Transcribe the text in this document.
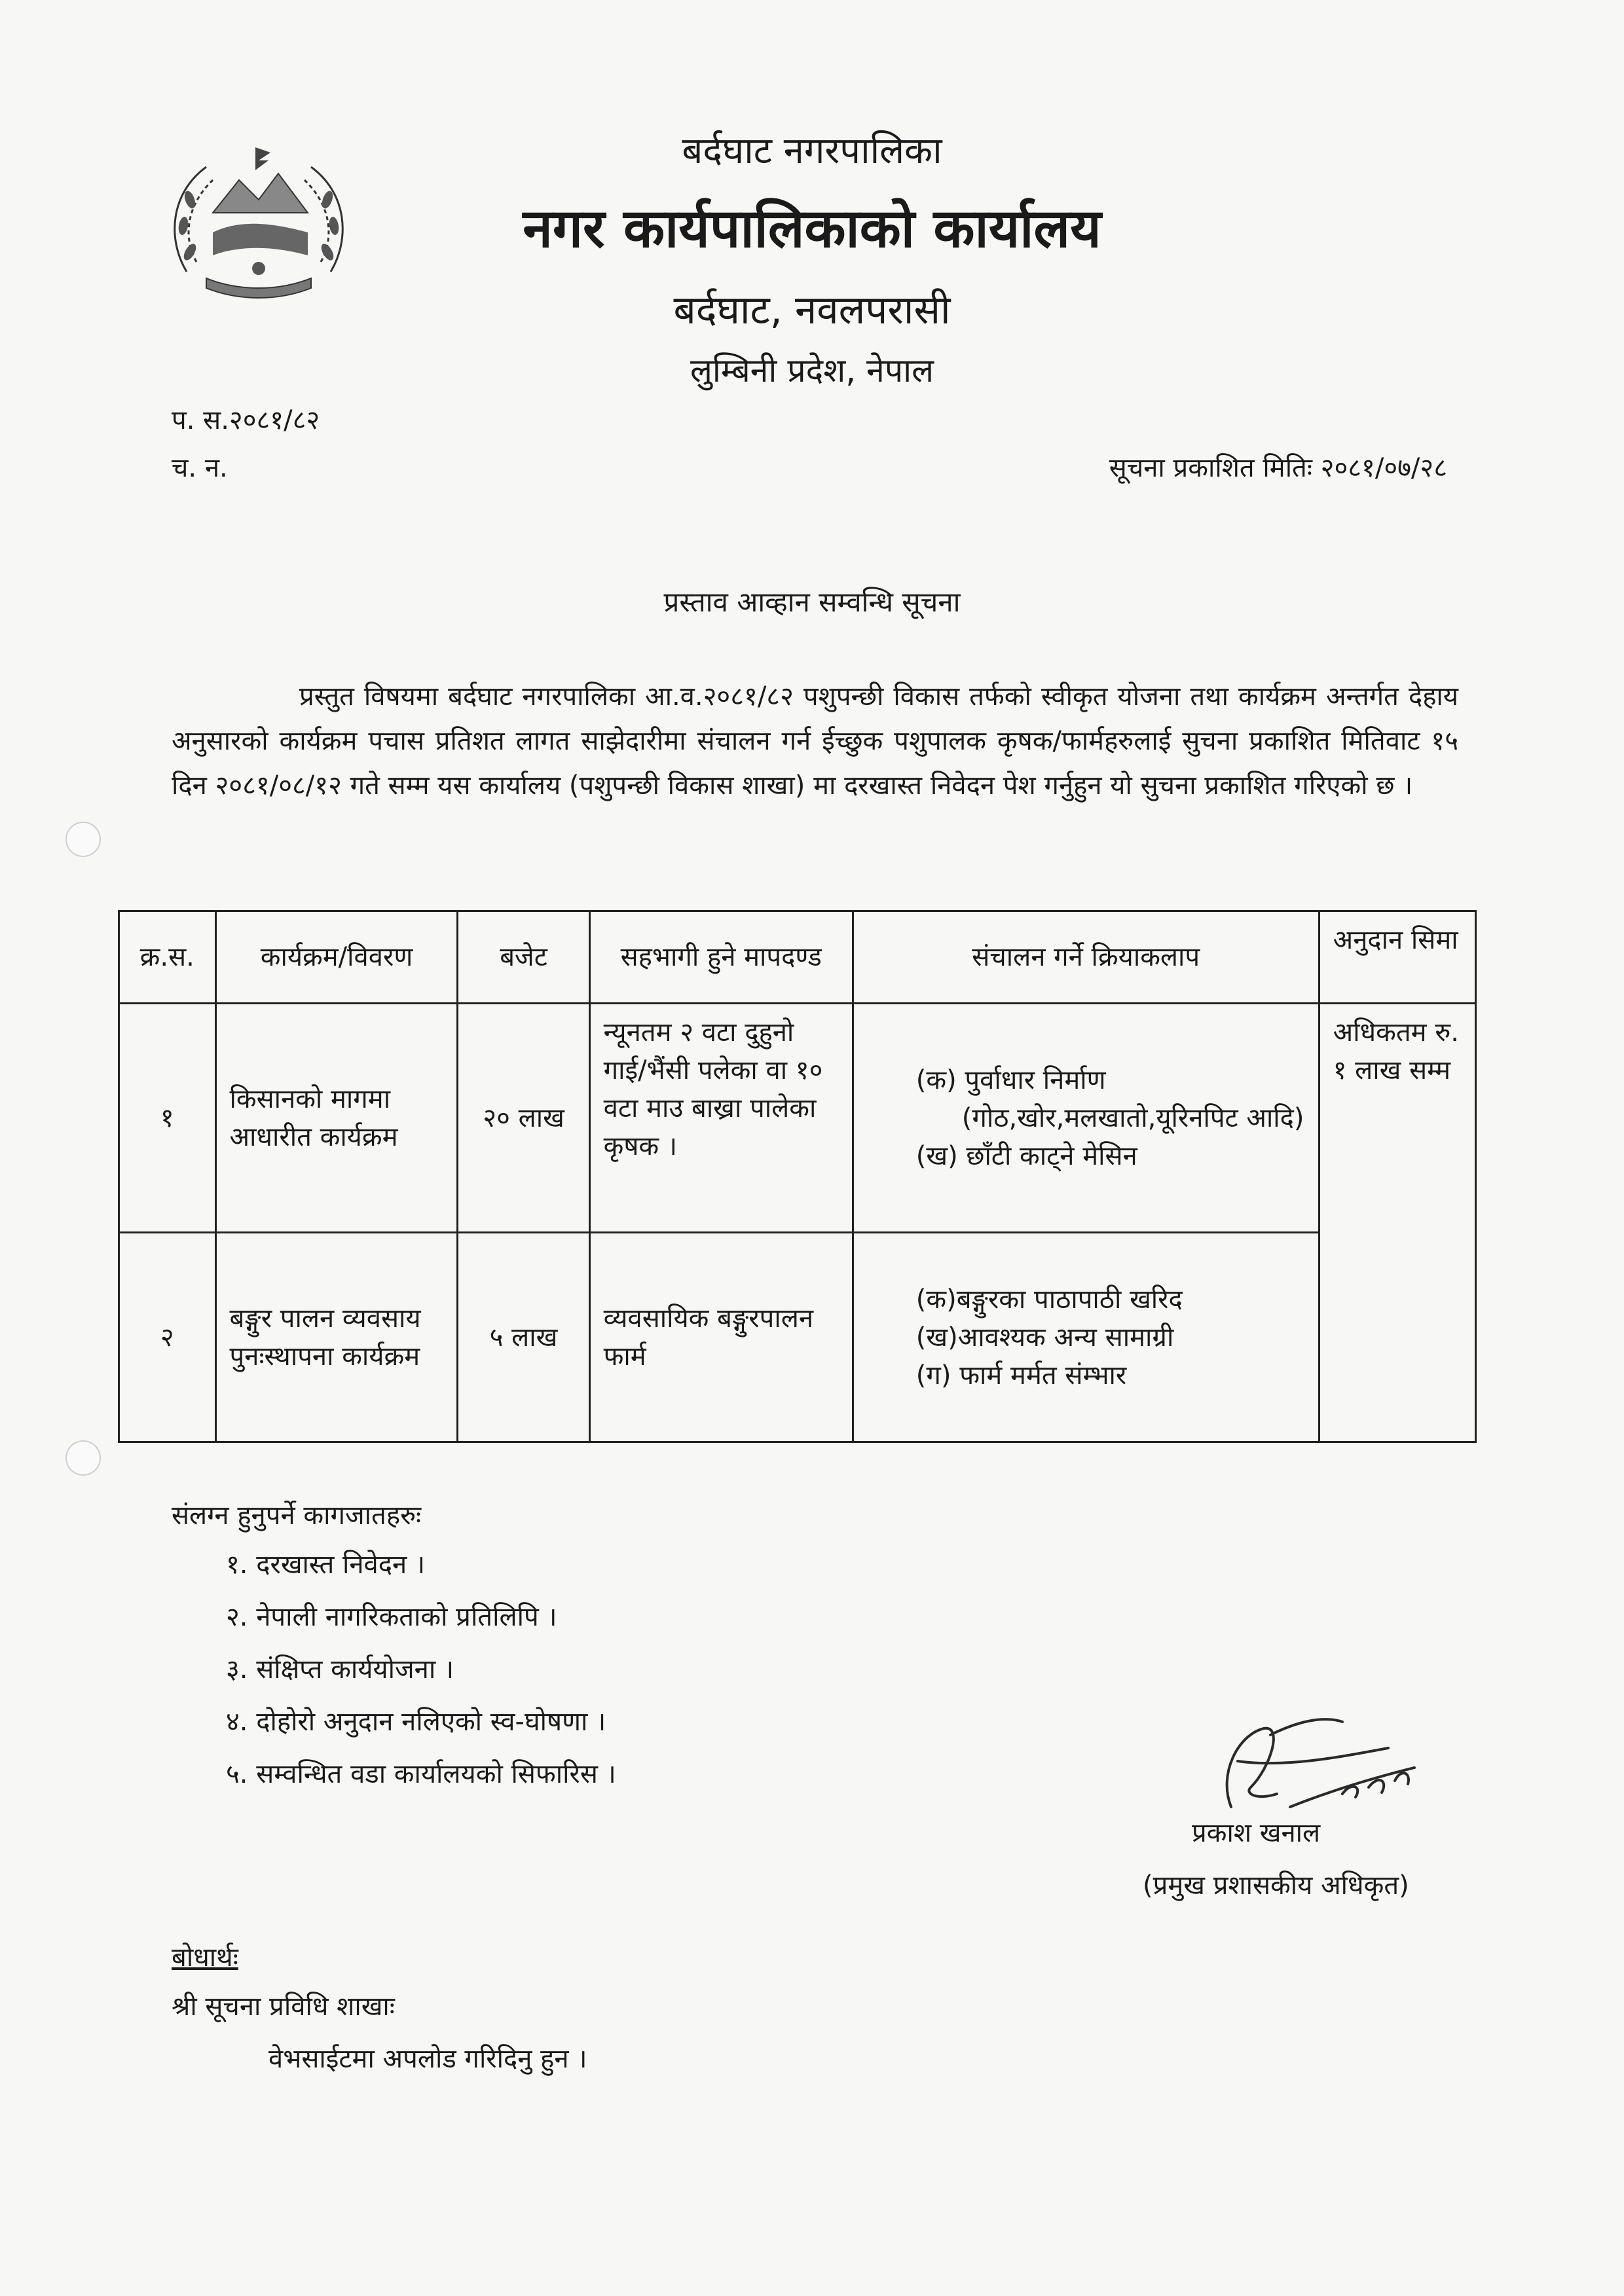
बर्दघाट नगरपालिका
नगर कार्यपालिकाको कार्यालय
बर्दघाट, नवलपरासी
लुम्बिनी प्रदेश, नेपाल
प. स.२०८१/८२
च. न.	सूचना प्रकाशित मितिः २०८१/०७/२८
प्रस्ताव आव्हान सम्वन्धि सूचना
प्रस्तुत विषयमा बर्दघाट नगरपालिका आ.व.२०८१/८२ पशुपन्छी विकास तर्फको स्वीकृत योजना तथा कार्यक्रम अन्तर्गत देहाय अनुसारको कार्यक्रम पचास प्रतिशत लागत साझेदारीमा संचालन गर्न ईच्छुक पशुपालक कृषक/फार्महरुलाई सुचना प्रकाशित मितिवाट १५ दिन २०८१/०८/१२ गते सम्म यस कार्यालय (पशुपन्छी विकास शाखा) मा दरखास्त निवेदन पेश गर्नुहुन यो सुचना प्रकाशित गरिएको छ ।
क्र.स.	कार्यक्रम/विवरण	बजेट	सहभागी हुने मापदण्ड	संचालन गर्ने क्रियाकलाप	अनुदान सिमा
१	किसानको मागमा आधारीत कार्यक्रम	२० लाख	न्यूनतम २ वटा दुहुनो गाई/भैंसी पलेका वा १० वटा माउ बाख्रा पालेका कृषक ।	(क) पुर्वाधार निर्माण
(गोठ,खोर,मलखातो,यूरिनपिट आदि)
(ख) छाँटी काट्ने मेसिन	अधिकतम रु. १ लाख सम्म
२	बङ्गुर पालन व्यवसाय पुनःस्थापना कार्यक्रम	५ लाख	व्यवसायिक बङ्गुरपालन फार्म	(क)बङ्गुरका पाठापाठी खरिद
(ख)आवश्यक अन्य सामाग्री
(ग) फार्म मर्मत संम्भार	
संलग्न हुनुपर्ने कागजातहरुः
१. दरखास्त निवेदन ।
२. नेपाली नागरिकताको प्रतिलिपि ।
३. संक्षिप्त कार्ययोजना ।
४. दोहोरो अनुदान नलिएको स्व-घोषणा ।
५. सम्वन्धित वडा कार्यालयको सिफारिस ।
प्रकाश खनाल
(प्रमुख प्रशासकीय अधिकृत)
बोधार्थः
श्री सूचना प्रविधि शाखाः
वेभसाईटमा अपलोड गरिदिनु हुन ।
